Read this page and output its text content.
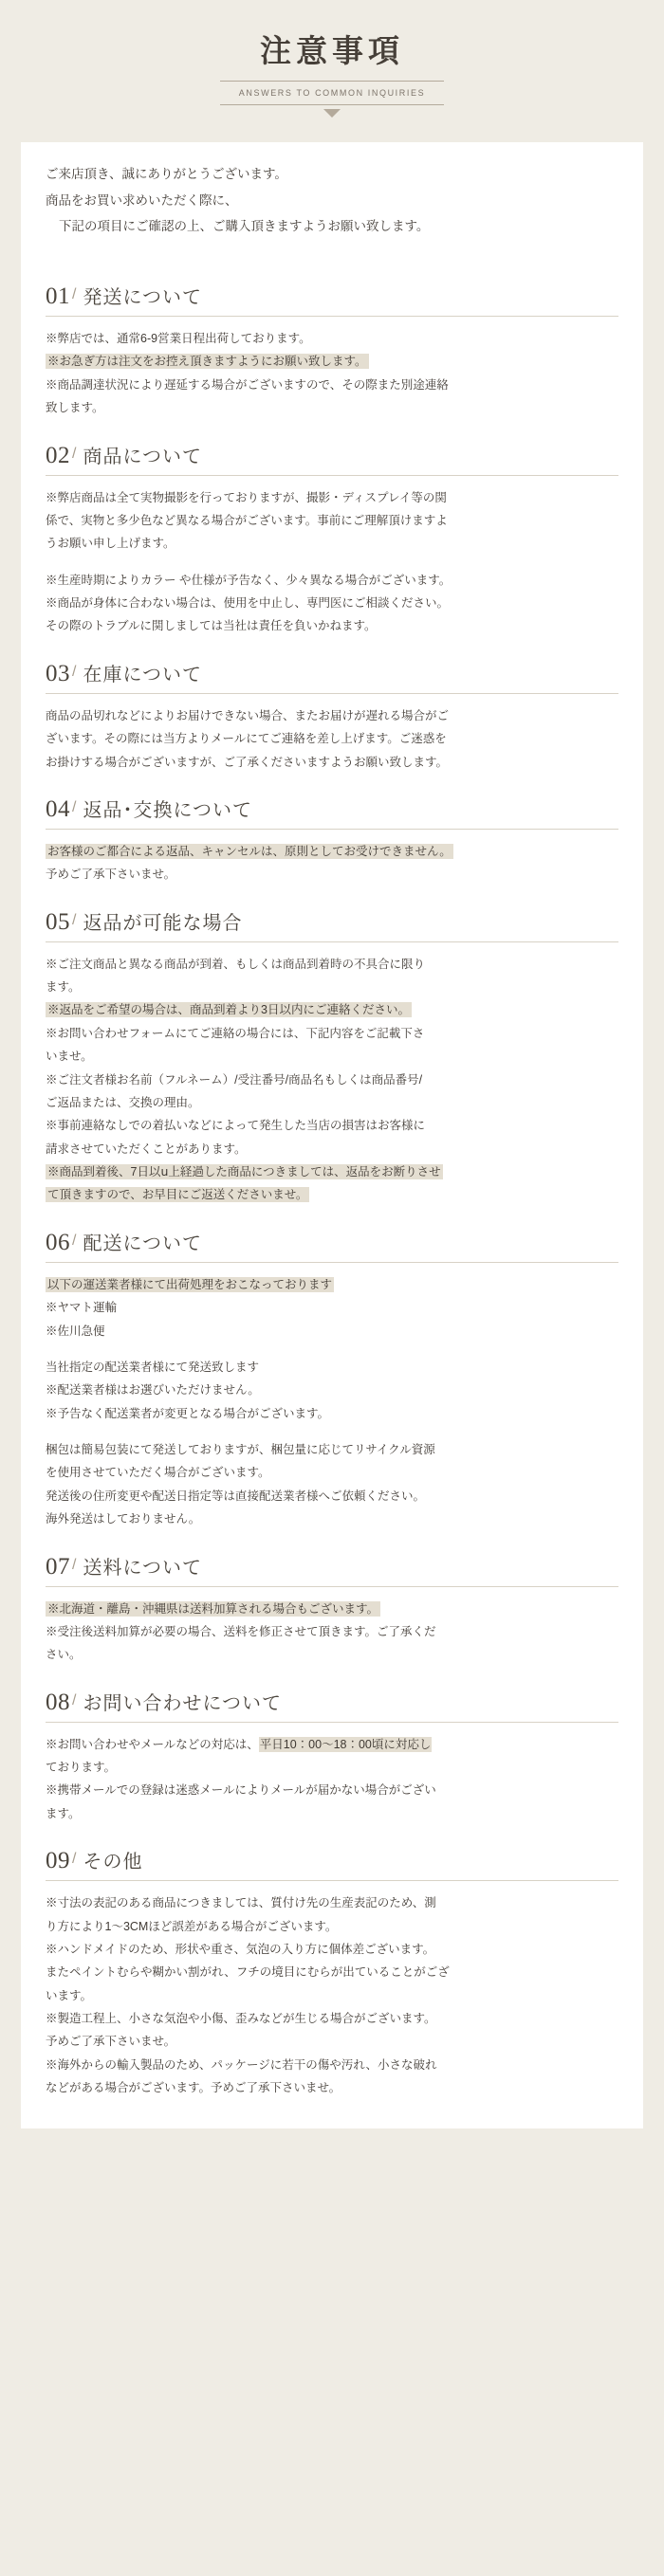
注意事項
ANSWERS TO COMMON INQUIRIES

ご来店頂き、誠にありがとうございます。

商品をお買い求めいただく際に、

下記の項目にご確認の上、ご購入頂きますようお願い致します。

01 / 発送について

※弊店では、通常6-9営業日程出荷しております。

※お急ぎ方は注文をお控え頂きますようにお願い致します。

※商品調達状況により遅延する場合がございますので、その際また別途連絡

致します。

02 / 商品について

※弊店商品は全て実物撮影を行っておりますが、撮影・ディスプレイ等の関

係で、実物と多少色など異なる場合がございます。事前にご理解頂けますよ

うお願い申し上げます。

※生産時期によりカラー や仕様が予告なく、少々異なる場合がございます。

※商品が身体に合わない場合は、使用を中止し、専門医にご相談ください。

その際のトラブルに関しましては当社は責任を負いかねます。

03 / 在庫について

商品の品切れなどによりお届けできない場合、またお届けが遅れる場合がご

ざいます。その際には当方よりメールにてご連絡を差し上げます。ご迷惑を

お掛けする場合がございますが、ご了承くださいますようお願い致します。

04 / 返品･交換について

お客様のご都合による返品、キャンセルは、原則としてお受けできません。

予めご了承下さいませ。

05 / 返品が可能な場合

※ご注文商品と異なる商品が到着、もしくは商品到着時の不具合に限り

ます。

※返品をご希望の場合は、商品到着より3日以内にご連絡ください。

※お問い合わせフォームにてご連絡の場合には、下記内容をご記載下さ

いませ。

※ご注文者様お名前（フルネーム）/受注番号/商品名もしくは商品番号/

ご返品または、交換の理由。

※事前連絡なしでの着払いなどによって発生した当店の損害はお客様に

請求させていただくことがあります。

※商品到着後、7日以ս上経過した商品につきましては、返品をお断りさせ

て頂きますので、お早目にご返送くださいませ。

06 / 配送について

以下の運送業者様にて出荷処理をおこなっております

※ヤマト運輸

※佐川急便

当社指定の配送業者様にて発送致します

※配送業者様はお選びいただけません。

※予告なく配送業者が変更となる場合がございます。

梱包は簡易包装にて発送しておりますが、梱包量に応じてリサイクル資源

を使用させていただく場合がございます。

発送後の住所変更や配送日指定等は直接配送業者様へご依頼ください。

海外発送はしておりません。

07 / 送料について

※北海道・離島・沖縄県は送料加算される場合もございます。

※受注後送料加算が必要の場合、送料を修正させて頂きます。ご了承くだ

さい。

08 / お問い合わせについて

※お問い合わせやメールなどの対応は、平日10：00～18：00頃に対応し

ております。

※携帯メールでの登録は迷惑メールによりメールが届かない場合がござい

ます。

09 / その他

※寸法の表記のある商品につきましては、質付け先の生産表記のため、測

り方により1～3CMほど誤差がある場合がございます。

※ハンドメイドのため、形状や重さ、気泡の入り方に個体差ございます。

またペイントむらや糊かい割がれ、フチの境目にむらが出ていることがござ

います。

※製造工程上、小さな気泡や小傷、歪みなどが生じる場合がございます。

予めご了承下さいませ。

※海外からの輸入製品のため、パッケージに若干の傷や汚れ、小さな破れ

などがある場合がございます。予めご了承下さいませ。
